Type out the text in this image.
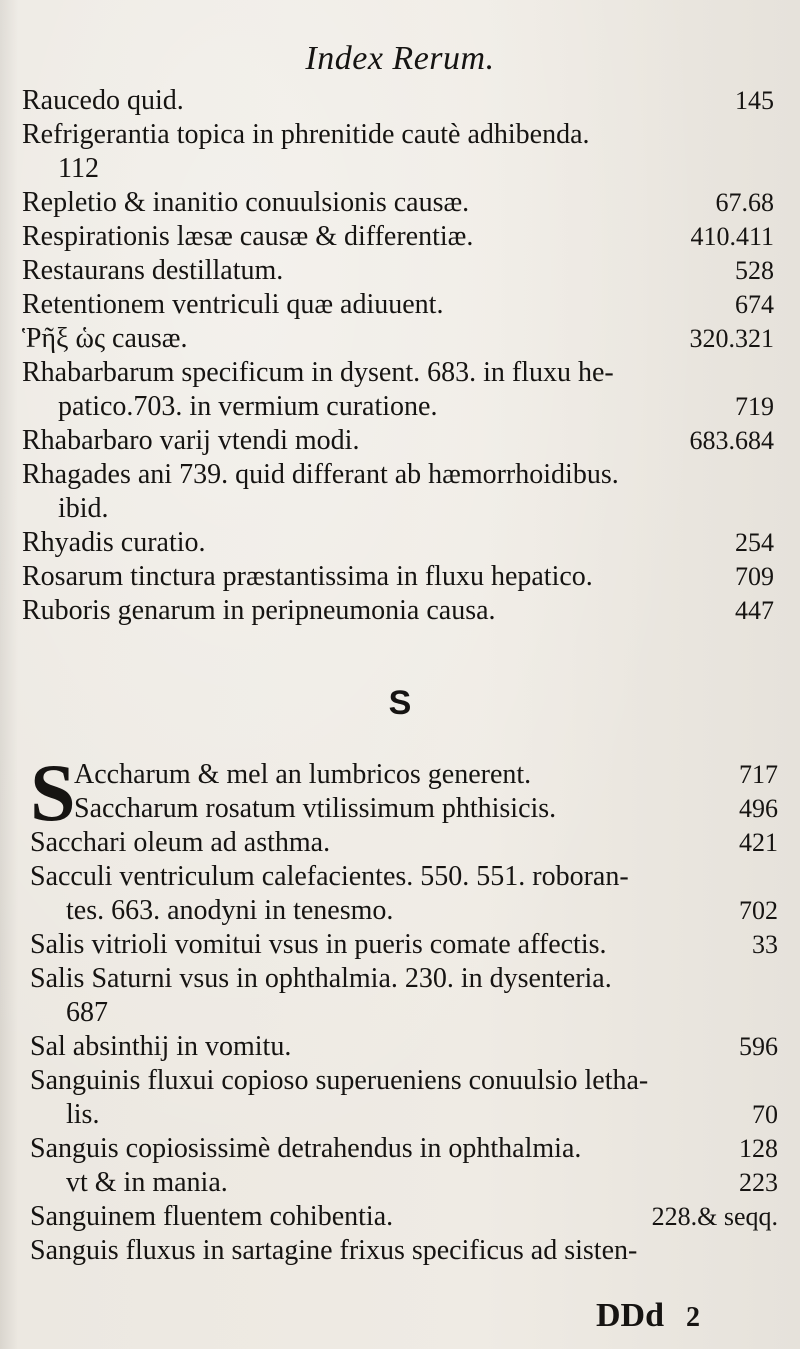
Index Rerum.
145
Raucedo quid.
Refrigerantia topica in phrenitide cautè adhibenda.
112
67.68
Repletio & inanitio conuulsionis causæ.
410.411
Respirationis læsæ causæ & differentiæ.
528
Restaurans destillatum.
674
Retentionem ventriculi quæ adiuuent.
320.321
Ῥῆξ ὡς causæ.
Rhabarbarum specificum in dysent. 683. in fluxu he-
719
patico.703. in vermium curatione.
683.684
Rhabarbaro varij vtendi modi.
Rhagades ani 739. quid differant ab hæmorrhoidibus.
ibid.
254
Rhyadis curatio.
709
Rosarum tinctura præstantissima in fluxu hepatico.
447
Ruboris genarum in peripneumonia causa.
S
S	717
Accharum & mel an lumbricos generent.
496
Saccharum rosatum vtilissimum phthisicis.
421
Sacchari oleum ad asthma.
Sacculi ventriculum calefacientes. 550. 551. roboran-
702
tes. 663. anodyni in tenesmo.
33
Salis vitrioli vomitui vsus in pueris comate affectis.
Salis Saturni vsus in ophthalmia. 230. in dysenteria.
687
596
Sal absinthij in vomitu.
Sanguinis fluxui copioso superueniens conuulsio letha-
70
lis.
128
Sanguis copiosissimè detrahendus in ophthalmia.
223
vt & in mania.
228.& seqq.
Sanguinem fluentem cohibentia.
Sanguis fluxus in sartagine frixus specificus ad sisten-
DDd 2
